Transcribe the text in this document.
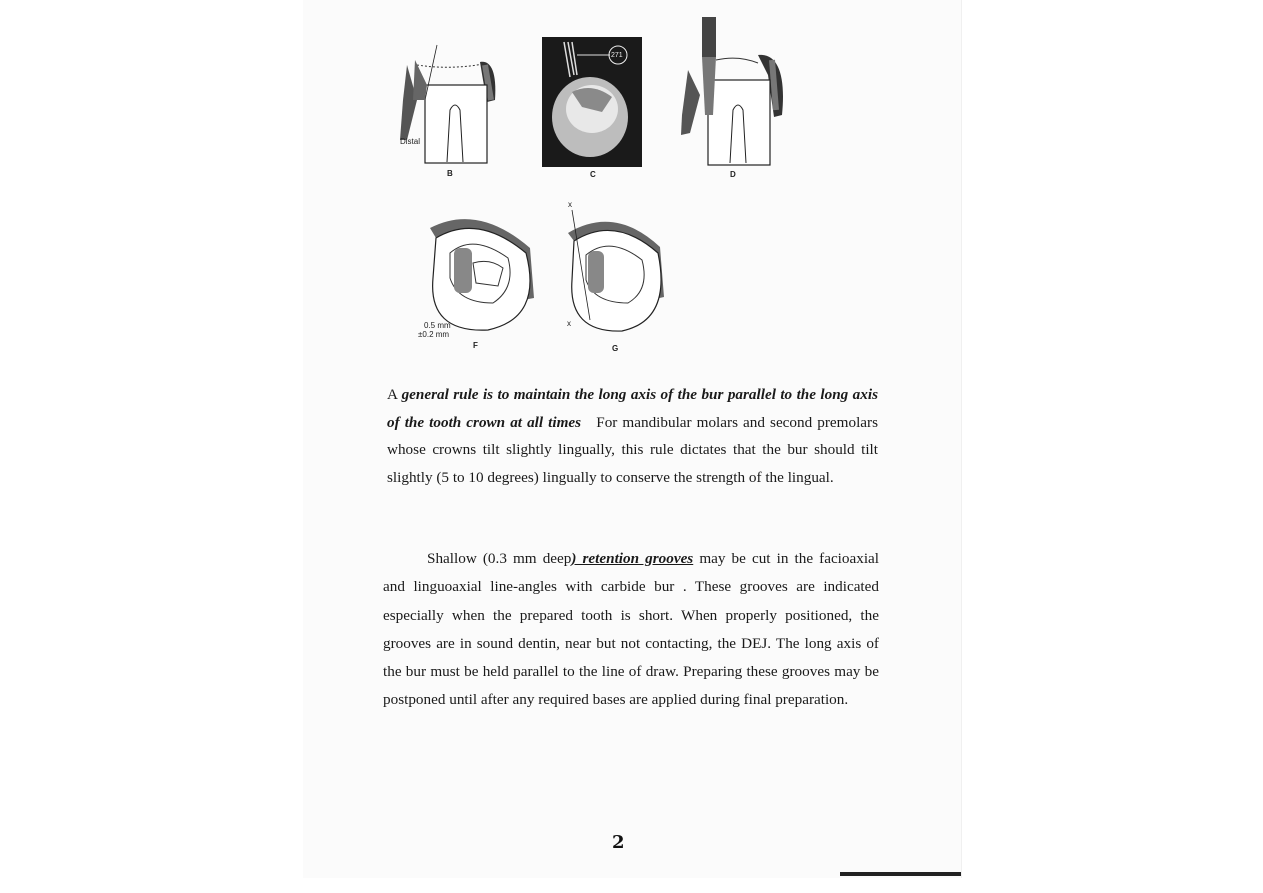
Distal
B
271
C	D
0.5 mm
±0.2 mm
F
x
x
G
A general rule is to maintain the long axis of the bur parallel to the long axis of the tooth crown at all times For mandibular molars and second premolars whose crowns tilt slightly lingually, this rule dictates that the bur should tilt slightly (5 to 10 degrees) lingually to conserve the strength of the lingual.
Shallow (0.3 mm deep) retention grooves may be cut in the facioaxial and linguoaxial line-angles with carbide bur . These grooves are indicated especially when the prepared tooth is short. When properly positioned, the grooves are in sound dentin, near but not contacting, the DEJ. The long axis of the bur must be held parallel to the line of draw. Preparing these grooves may be postponed until after any required bases are applied during final preparation.
2
